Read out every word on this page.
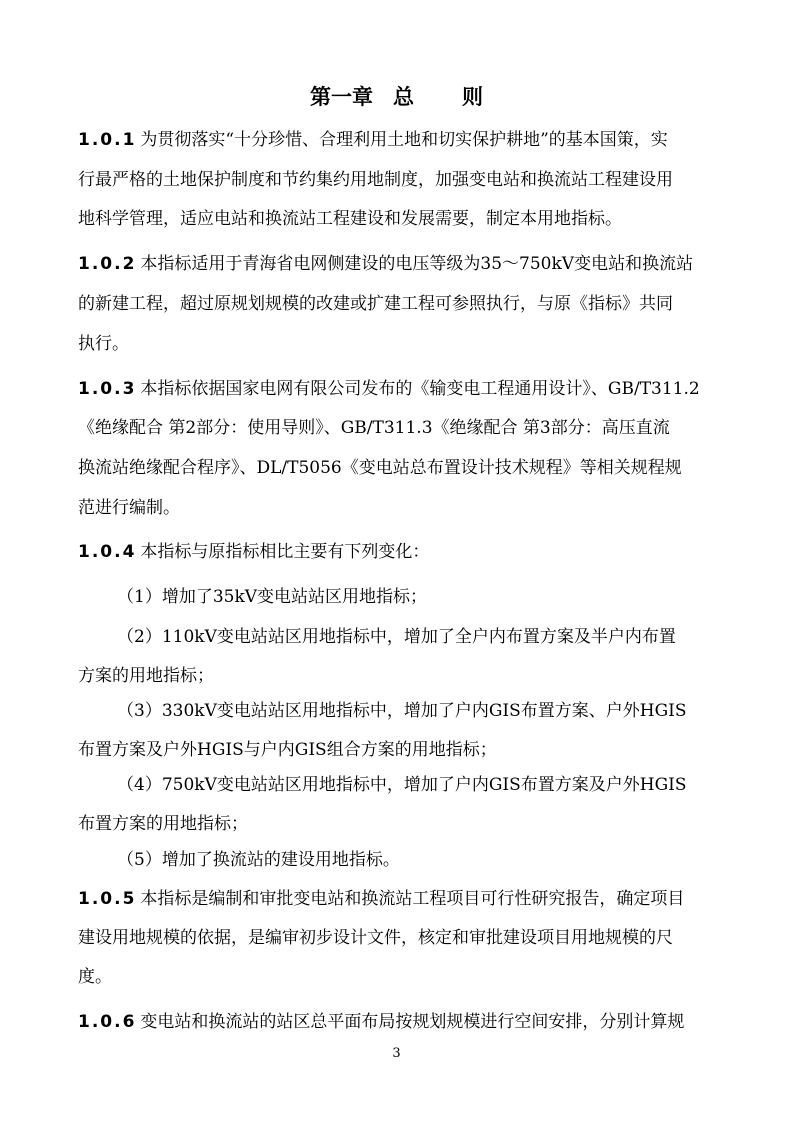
第一章 总 则
1.0.1 为贯彻落实“十分珍惜、合理利用土地和切实保护耕地”的基本国策，实
行最严格的土地保护制度和节约集约用地制度，加强变电站和换流站工程建设用
地科学管理，适应电站和换流站工程建设和发展需要，制定本用地指标。
1.0.2 本指标适用于青海省电网侧建设的电压等级为35～750kV变电站和换流站
的新建工程，超过原规划规模的改建或扩建工程可参照执行，与原《指标》共同
执行。
1.0.3 本指标依据国家电网有限公司发布的《输变电工程通用设计》、GB/T311.2
《绝缘配合 第2部分：使用导则》、GB/T311.3《绝缘配合 第3部分：高压直流
换流站绝缘配合程序》、DL/T5056《变电站总布置设计技术规程》等相关规程规
范进行编制。
1.0.4 本指标与原指标相比主要有下列变化：
（1）增加了35kV变电站站区用地指标；
（2）110kV变电站站区用地指标中，增加了全户内布置方案及半户内布置
方案的用地指标；
（3）330kV变电站站区用地指标中，增加了户内GIS布置方案、户外HGIS
布置方案及户外HGIS与户内GIS组合方案的用地指标；
（4）750kV变电站站区用地指标中，增加了户内GIS布置方案及户外HGIS
布置方案的用地指标；
（5）增加了换流站的建设用地指标。
1.0.5 本指标是编制和审批变电站和换流站工程项目可行性研究报告，确定项目
建设用地规模的依据，是编审初步设计文件，核定和审批建设项目用地规模的尺
度。
1.0.6 变电站和换流站的站区总平面布局按规划规模进行空间安排，分别计算规
3
